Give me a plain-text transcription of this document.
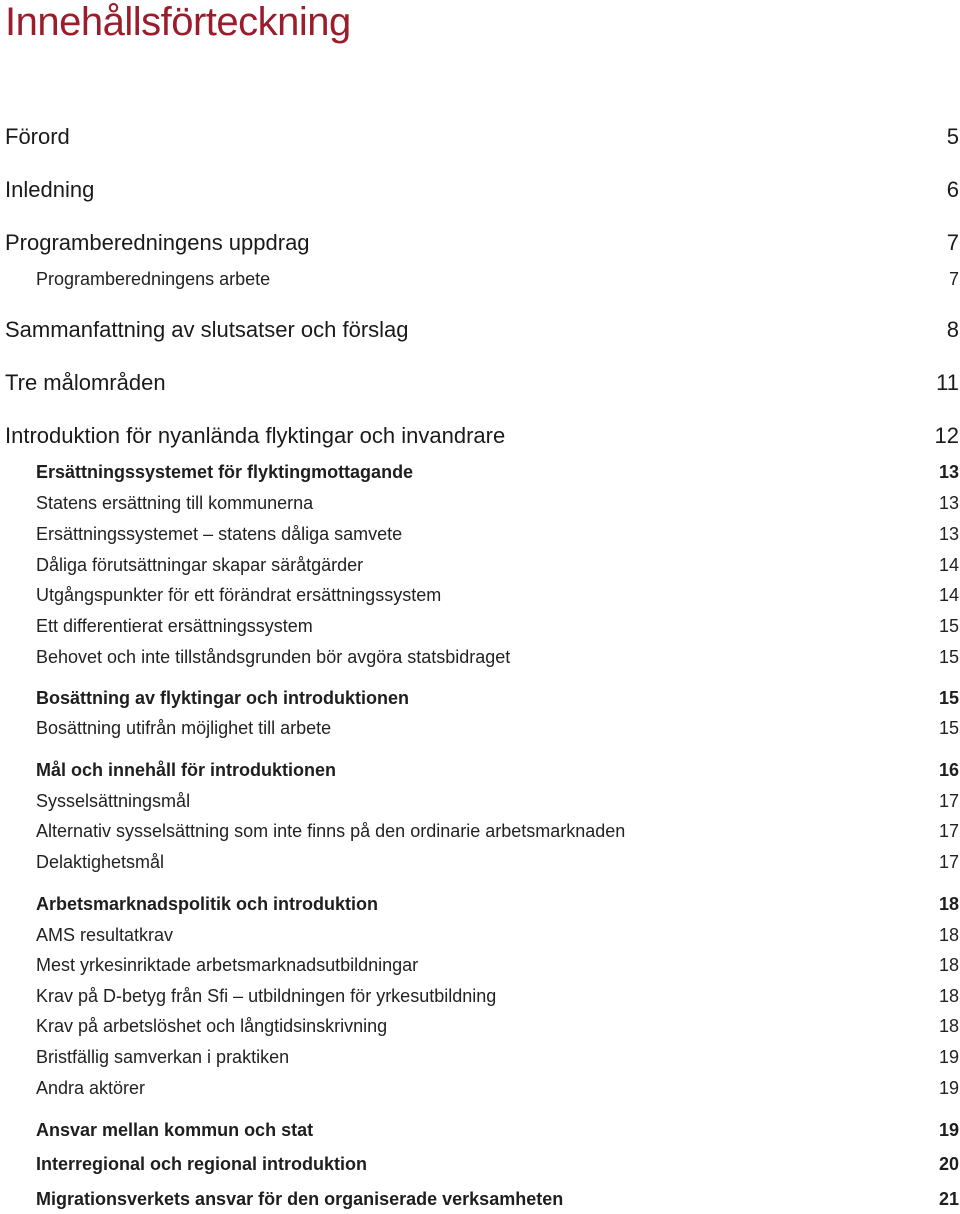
Innehållsförteckning
Förord	5
Inledning	6
Programberedningens uppdrag	7
Programberedningens arbete	7
Sammanfattning av slutsatser och förslag	8
Tre målområden	11
Introduktion för nyanlända flyktingar och invandrare	12
Ersättningssystemet för flyktingmottagande	13
Statens ersättning till kommunerna	13
Ersättningssystemet – statens dåliga samvete	13
Dåliga förutsättningar skapar säråtgärder	14
Utgångspunkter för ett förändrat ersättningssystem	14
Ett differentierat ersättningssystem	15
Behovet och inte tillståndsgrunden bör avgöra statsbidraget	15
Bosättning av flyktingar och introduktionen	15
Bosättning utifrån möjlighet till arbete	15
Mål och innehåll för introduktionen	16
Sysselsättningsmål	17
Alternativ sysselsättning som inte finns på den ordinarie arbetsmarknaden	17
Delaktighetsmål	17
Arbetsmarknadspolitik och introduktion	18
AMS resultatkrav	18
Mest yrkesinriktade arbetsmarknadsutbildningar	18
Krav på D-betyg från Sfi – utbildningen för yrkesutbildning	18
Krav på arbetslöshet och långtidsinskrivning	18
Bristfällig samverkan i praktiken	19
Andra aktörer	19
Ansvar mellan kommun och stat	19
Interregional och regional introduktion	20
Migrationsverkets ansvar för den organiserade verksamheten	21
